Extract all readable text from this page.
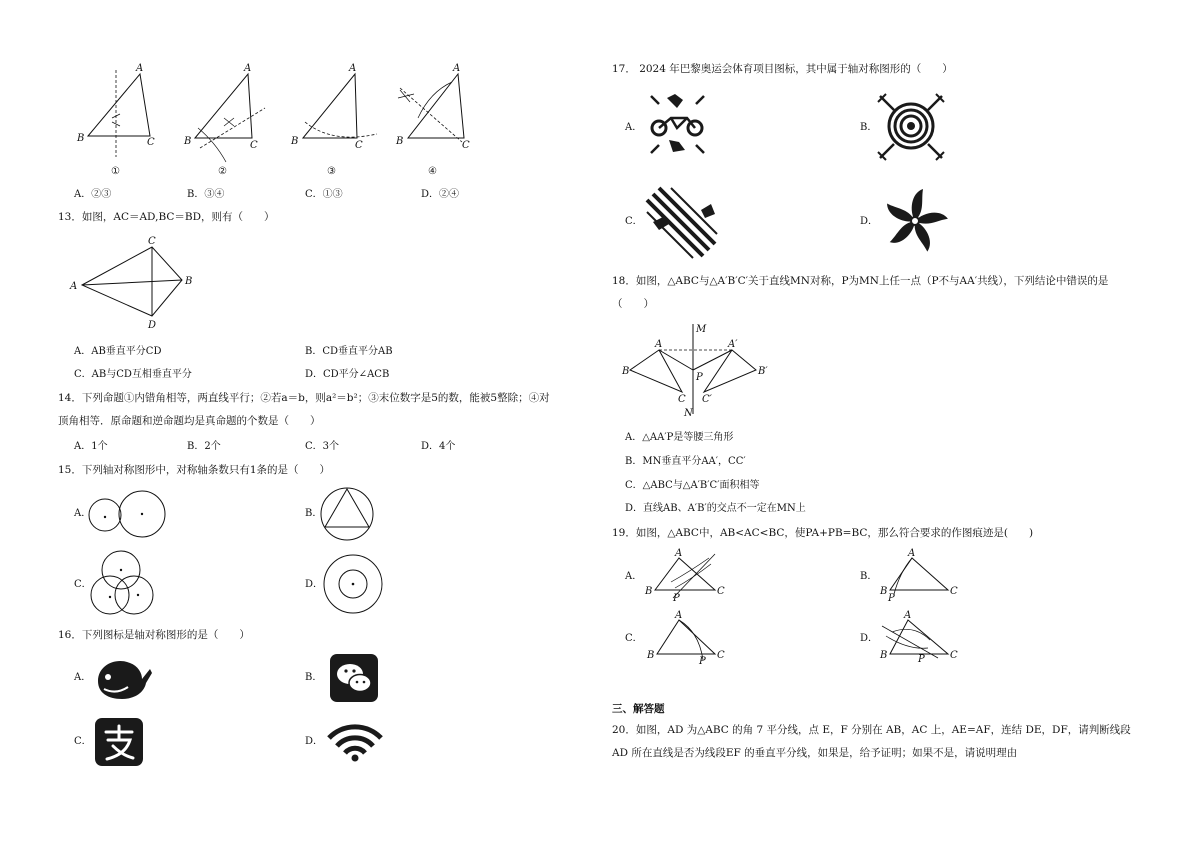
A
B	C
①
A
B	C
②
A
B	C
③
A
B	C
④
A．②③	B．③④	C．①③	D．②④
13．如图，AC＝AD,BC＝BD，则有（　　）
A
C
B
D
A．AB垂直平分CD	B．CD垂直平分AB
C．AB与CD互相垂直平分	D．CD平分∠ACB
14．下列命题①内错角相等，两直线平行；②若a＝b，则a²＝b²；③末位数字是5的数，能被5整除；④对
顶角相等．原命题和逆命题均是真命题的个数是（　　）
A．1个	B．2个	C．3个	D．4个
15．下列轴对称图形中，对称轴条数只有1条的是（　　）
A．	B．
C．	D．
16．下列图标是轴对称图形的是（　　）
A．	B．
C．	D．
17． 2024 年巴黎奥运会体育项目图标，其中属于轴对称图形的（　　）
A．	B．
C．	D．
18．如图，△ABC与△A′B′C′关于直线MN对称，P为MN上任一点（P不与AA′共线），下列结论中错误的是
（　　）
M
N
A	A′
B	B′
C C′
P
A．△AA′P是等腰三角形
B．MN垂直平分AA′，CC′
C．△ABC与△A′B′C′面积相等
D．直线AB、A′B′的交点不一定在MN上
19．如图，△ABC中，AB<AC<BC，使PA+PB=BC，那么符合要求的作图痕迹是(　　)
A．
A
B	C
P
B．
A
B	C
P
C．
A
B	C
P
D．
A
B	C
P
三、解答题
20．如图，AD 为△ABC 的角 7 平分线，点 E，F 分别在 AB，AC 上，AE=AF，连结 DE，DF，请判断线段
AD 所在直线是否为线段EF 的垂直平分线，如果是，给予证明；如果不是，请说明理由
